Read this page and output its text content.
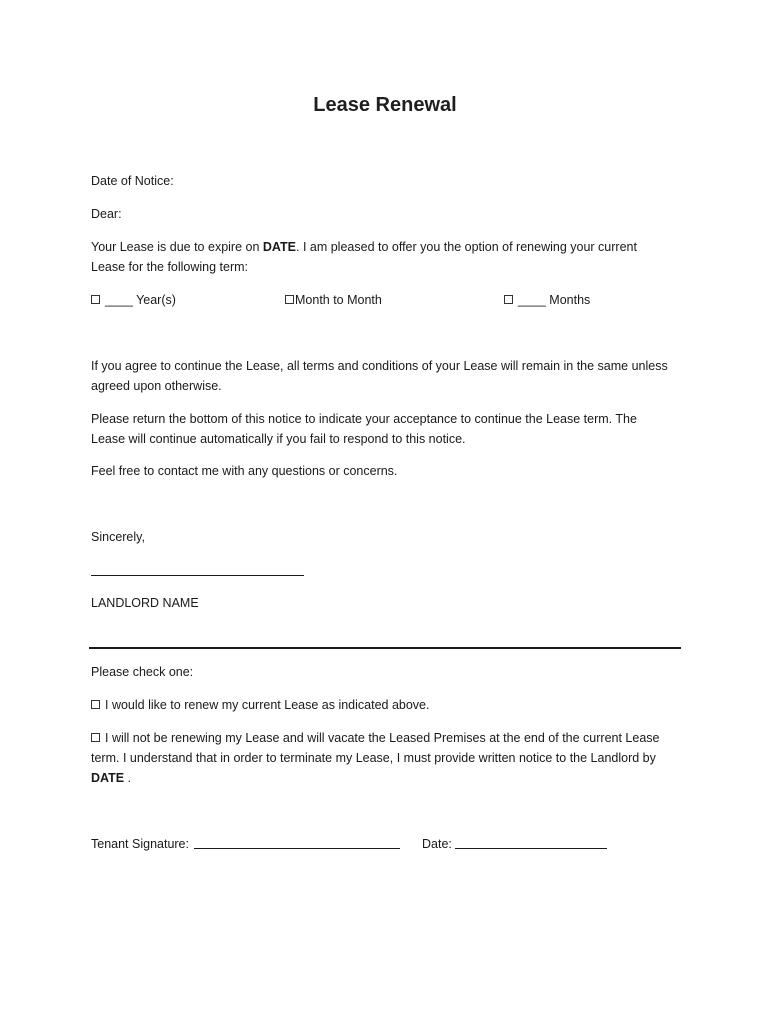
Lease Renewal
Date of Notice:
Dear:
Your Lease is due to expire on DATE. I am pleased to offer you the option of renewing your current
Lease for the following term:
____ Year(s)	Month to Month	____ Months
If you agree to continue the Lease, all terms and conditions of your Lease will remain in the same unless
agreed upon otherwise.
Please return the bottom of this notice to indicate your acceptance to continue the Lease term. The
Lease will continue automatically if you fail to respond to this notice.
Feel free to contact me with any questions or concerns.
Sincerely,
LANDLORD NAME
Please check one:
I would like to renew my current Lease as indicated above.
I will not be renewing my Lease and will vacate the Leased Premises at the end of the current Lease
term. I understand that in order to terminate my Lease, I must provide written notice to the Landlord by
DATE .
Tenant Signature:	Date:
